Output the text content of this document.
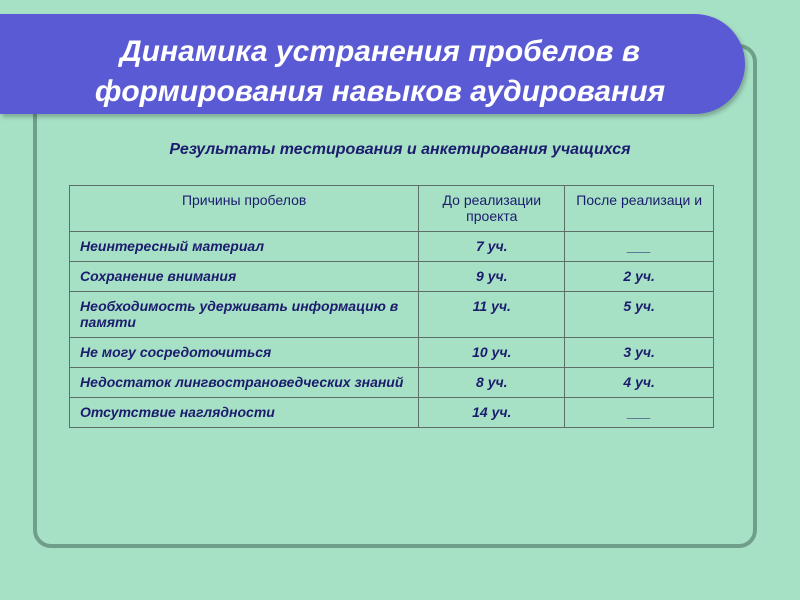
Динамика устранения пробелов в
формирования навыков аудирования
Результаты тестирования и анкетирования учащихся
Причины пробелов	До реализации проекта	После реализаци и
Неинтересный материал	7 уч.	___
Сохранение внимания	9 уч.	2 уч.
Необходимость удерживать информацию в памяти	11 уч.	5 уч.
Не могу сосредоточиться	10 уч.	3 уч.
Недостаток лингвострановедческих знаний	8 уч.	4 уч.
Отсутствие наглядности	14 уч.	___
